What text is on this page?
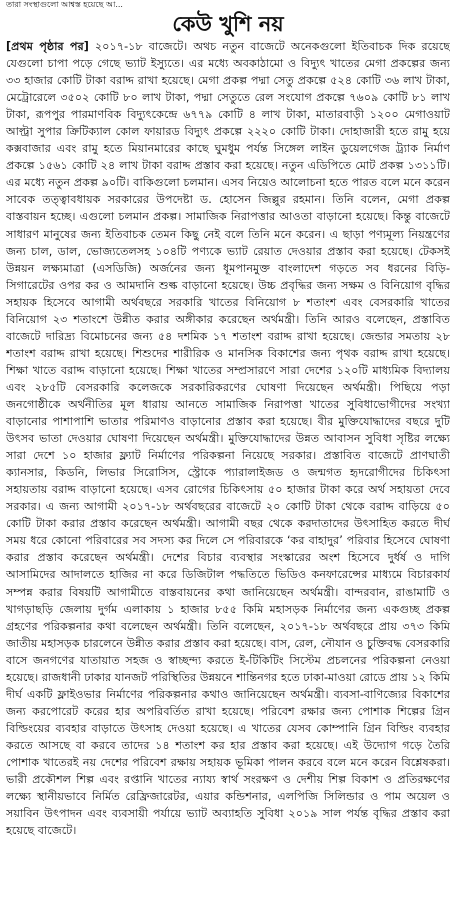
তারা সংস্থাগুলো আশ্বস্ত হয়েছে আ...
কেউ খুশি নয়

[প্রথম পৃষ্ঠার পর] ২০১৭-১৮ বাজেটে। অথচ নতুন বাজেটে অনেকগুলো ইতিবাচক দিক রয়েছে যেগুলো চাপা পড়ে গেছে ভ্যাট ইস্যুতে। এর মধ্যে অবকাঠামো ও বিদ্যুৎ খাতের মেগা প্রকল্পের জন্য ৩৩ হাজার কোটি টাকা বরাদ্দ রাখা হয়েছে। মেগা প্রকল্প পদ্মা সেতু প্রকল্পে ৫২৪ কোটি ৩৬ লাখ টাকা, মেট্রোরেলে ৩৫০২ কোটি ৮০ লাখ টাকা, পদ্মা সেতুতে রেল সংযোগ প্রকল্পে ৭৬০৯ কোটি ৮১ লাখ টাকা, রূপপুর পারমাণবিক বিদ্যুৎকেন্দ্রে ৬৭৭৯ কোটি ৪ লাখ টাকা, মাতারবাড়ী ১২০০ মেগাওয়াট আল্ট্রা সুপার ক্রিটিক্যাল কোল ফায়ারড বিদ্যুৎ প্রকল্পে ২২২০ কোটি টাকা। দোহাজারী হতে রামু হয়ে কক্সবাজার এবং রামু হতে মিয়ানমারের কাছে ঘুমধুম পর্যন্ত সিঙ্গেল লাইন ডুয়েলগেজ ট্র্যাক নির্মাণ প্রকল্পে ১৫৬১ কোটি ২৪ লাখ টাকা বরাদ্দ প্রস্তাব করা হয়েছে। নতুন এডিপিতে মোট প্রকল্প ১৩১১টি। এর মধ্যে নতুন প্রকল্প ৯০টি। বাকিগুলো চলমান। এসব নিয়েও আলোচনা হতে পারত বলে মনে করেন সাবেক তত্ত্বাবধায়ক সরকারের উপদেষ্টা ড. হোসেন জিল্লুর রহমান। তিনি বলেন, মেগা প্রকল্প বাস্তবায়ন হচ্ছে। এগুলো চলমান প্রকল্প। সামাজিক নিরাপত্তার আওতা বাড়ানো হয়েছে। কিন্তু বাজেটে সাধারণ মানুষের জন্য ইতিবাচক তেমন কিছু নেই বলে তিনি মনে করেন। এ ছাড়া পণ্যমূল্য নিয়ন্ত্রণের জন্য চাল, ডাল, ভোজ্যতেলসহ ১০৪টি পণ্যকে ভ্যাট রেয়াত দেওয়ার প্রস্তাব করা হয়েছে। টেকসই উন্নয়ন লক্ষ্যমাত্রা (এসডিজি) অর্জনের জন্য ধূমপানমুক্ত বাংলাদেশ গড়তে সব ধরনের বিড়ি-সিগারেটের ওপর কর ও আমদানি শুল্ক বাড়ানো হয়েছে। উচ্চ প্রবৃদ্ধির জন্য সক্ষম ও বিনিয়োগ বৃদ্ধির সহায়ক হিসেবে আগামী অর্থবছরে সরকারি খাতের বিনিয়োগ ৮ শতাংশ এবং বেসরকারি খাতের বিনিয়োগ ২৩ শতাংশে উন্নীত করার অঙ্গীকার করেছেন অর্থমন্ত্রী। তিনি আরও বলেছেন, প্রস্তাবিত বাজেটে দারিদ্র্য বিমোচনের জন্য ৫৪ দশমিক ১৭ শতাংশ বরাদ্দ রাখা হয়েছে। জেন্ডার সমতায় ২৮ শতাংশ বরাদ্দ রাখা হয়েছে। শিশুদের শারীরিক ও মানসিক বিকাশের জন্য পৃথক বরাদ্দ রাখা হয়েছে। শিক্ষা খাতে বরাদ্দ বাড়ানো হয়েছে। শিক্ষা খাতের সম্প্রসারণে সারা দেশের ১২০টি মাধ্যমিক বিদ্যালয় এবং ২৮৫টি বেসরকারি কলেজকে সরকারিকরণের ঘোষণা দিয়েছেন অর্থমন্ত্রী। পিছিয়ে পড়া জনগোষ্ঠীকে অর্থনীতির মূল ধারায় আনতে সামাজিক নিরাপত্তা খাতের সুবিধাভোগীদের সংখ্যা বাড়ানোর পাশাপাশি ভাতার পরিমাণও বাড়ানোর প্রস্তাব করা হয়েছে। বীর মুক্তিযোদ্ধাদের বছরে দুটি উৎসব ভাতা দেওয়ার ঘোষণা দিয়েছেন অর্থমন্ত্রী। মুক্তিযোদ্ধাদের উন্নত আবাসন সুবিধা সৃষ্টির লক্ষ্যে সারা দেশে ১০ হাজার ফ্ল্যাট নির্মাণের পরিকল্পনা নিয়েছে সরকার। প্রস্তাবিত বাজেটে প্রাণঘাতী ক্যানসার, কিডনি, লিভার সিরোসিস, স্ট্রোকে প্যারালাইজড ও জন্মগত হৃদরোগীদের চিকিৎসা সহায়তায় বরাদ্দ বাড়ানো হয়েছে। এসব রোগের চিকিৎসায় ৫০ হাজার টাকা করে অর্থ সহায়তা দেবে সরকার। এ জন্য আগামী ২০১৭-১৮ অর্থবছরের বাজেটে ২০ কোটি টাকা থেকে বরাদ্দ বাড়িয়ে ৫০ কোটি টাকা করার প্রস্তাব করেছেন অর্থমন্ত্রী। আগামী বছর থেকে করদাতাদের উৎসাহিত করতে দীর্ঘ সময় ধরে কোনো পরিবারের সব সদস্য কর দিলে সে পরিবারকে ‘কর বাহাদুর’ পরিবার হিসেবে ঘোষণা করার প্রস্তাব করেছেন অর্থমন্ত্রী। দেশের বিচার ব্যবস্থার সংস্কারের অংশ হিসেবে দুর্ধর্ষ ও দাগি আসামিদের আদালতে হাজির না করে ডিজিটাল পদ্ধতিতে ভিডিও কনফারেন্সের মাধ্যমে বিচারকার্য সম্পন্ন করার বিষয়টি আগামীতে বাস্তবায়নের কথা জানিয়েছেন অর্থমন্ত্রী। বান্দরবান, রাঙামাটি ও খাগড়াছড়ি জেলায় দুর্গম এলাকায় ১ হাজার ৮৫৫ কিমি মহাসড়ক নির্মাণের জন্য একগুচ্ছ প্রকল্প গ্রহণের পরিকল্পনার কথা বলেছেন অর্থমন্ত্রী। তিনি বলেছেন, ২০১৭-১৮ অর্থবছরে প্রায় ৩৭৩ কিমি জাতীয় মহাসড়ক চারলেনে উন্নীত করার প্রস্তাব করা হয়েছে। বাস, রেল, নৌযান ও চুক্তিবদ্ধ বেসরকারি বাসে জনগণের যাতায়াত সহজ ও স্বাচ্ছন্দ্য করতে ই-টিকিটিং সিস্টেম প্রচলনের পরিকল্পনা নেওয়া হয়েছে। রাজধানী ঢাকার যানজট পরিস্থিতির উন্নয়নে শান্তিনগর হতে ঢাকা-মাওয়া রোডে প্রায় ১২ কিমি দীর্ঘ একটি ফ্লাইওভার নির্মাণের পরিকল্পনার কথাও জানিয়েছেন অর্থমন্ত্রী। ব্যবসা-বাণিজ্যের বিকাশের জন্য করপোরেট করের হার অপরিবর্তিত রাখা হয়েছে। পরিবেশ রক্ষার জন্য পোশাক শিল্পের গ্রিন বিল্ডিংয়ের ব্যবহার বাড়াতে উৎসাহ দেওয়া হয়েছে। এ খাতের যেসব কোম্পানি গ্রিন বিল্ডিং ব্যবহার করতে আসছে বা করবে তাদের ১৪ শতাংশ কর হার প্রস্তাব করা হয়েছে। এই উদ্যোগ গড়ে তৈরি পোশাক খাতেরই নয় দেশের পরিবেশ রক্ষায় সহায়ক ভূমিকা পালন করবে বলে মনে করেন বিশ্লেষকরা। ভারী প্রকৌশল শিল্প এবং রপ্তানি খাতের ন্যায্য স্বার্থ সংরক্ষণ ও দেশীয় শিল্প বিকাশ ও প্রতিরক্ষণের লক্ষ্যে স্থানীয়ভাবে নির্মিত রেফ্রিজারেটর, এয়ার কন্ডিশনার, এলপিজি সিলিন্ডার ও পাম অয়েল ও সয়াবিন উৎপাদন এবং ব্যবসায়ী পর্যায়ে ভ্যাট অব্যাহতি সুবিধা ২০১৯ সাল পর্যন্ত বৃদ্ধির প্রস্তাব করা হয়েছে বাজেটে।
